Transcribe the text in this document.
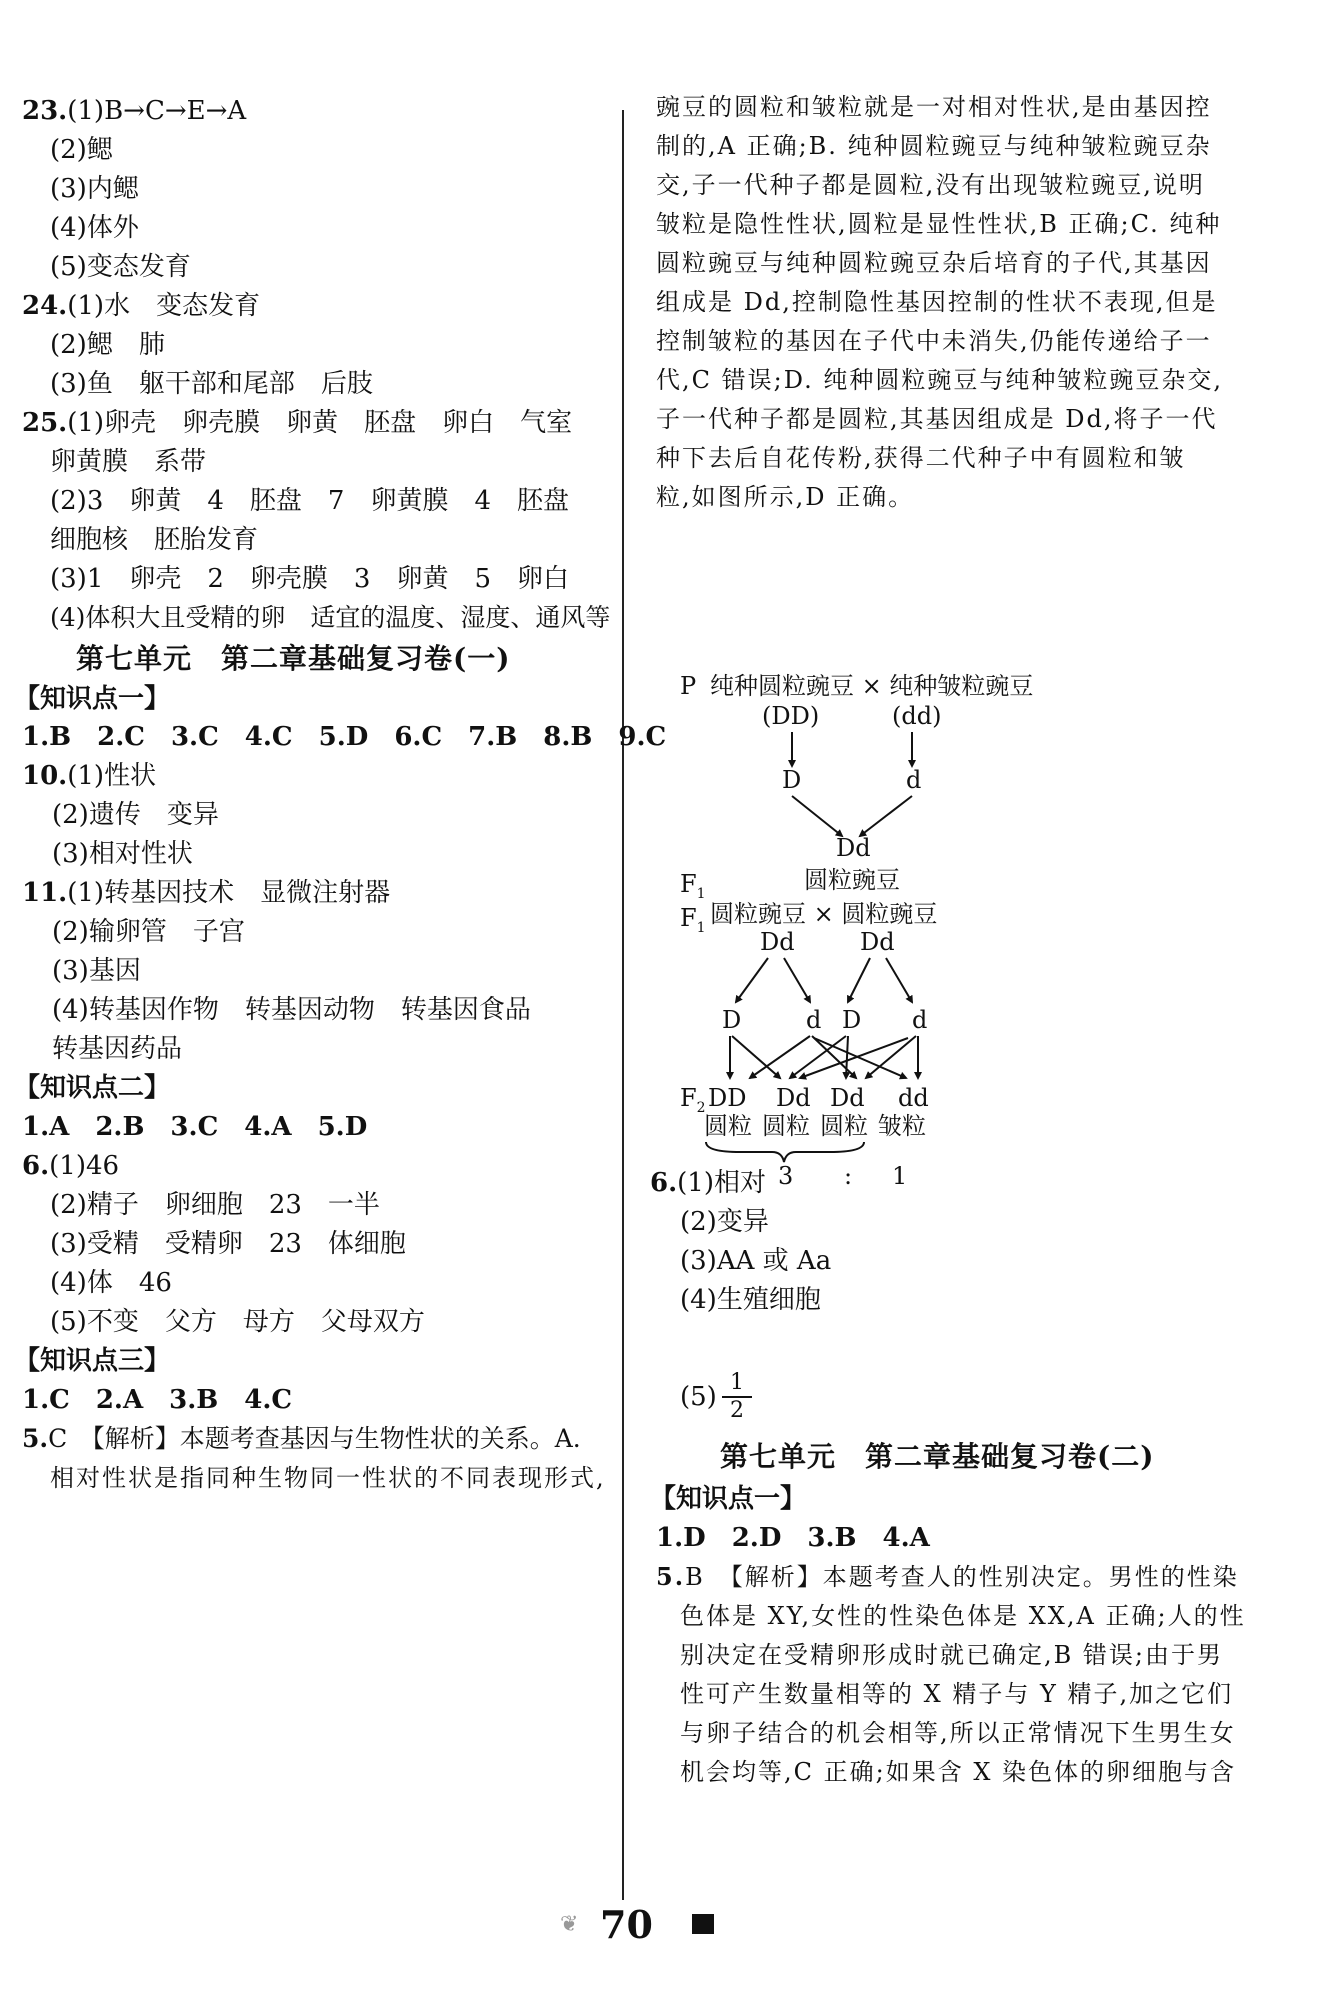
23.(1)B→C→E→A
(2)鳃
(3)内鳃
(4)体外
(5)变态发育
24.(1)水　变态发育
(2)鳃　肺
(3)鱼　躯干部和尾部　后肢
25.(1)卵壳　卵壳膜　卵黄　胚盘　卵白　气室
卵黄膜　系带
(2)3　卵黄　4　胚盘　7　卵黄膜　4　胚盘
细胞核　胚胎发育
(3)1　卵壳　2　卵壳膜　3　卵黄　5　卵白
(4)体积大且受精的卵　适宜的温度、湿度、通风等
第七单元　第二章基础复习卷(一)
【知识点一】
1.B　2.C　3.C　4.C　5.D　6.C　7.B　8.B　9.C
10.(1)性状
(2)遗传　变异
(3)相对性状
11.(1)转基因技术　显微注射器
(2)输卵管　子宫
(3)基因
(4)转基因作物　转基因动物　转基因食品
转基因药品
【知识点二】
1.A　2.B　3.C　4.A　5.D
6.(1)46
(2)精子　卵细胞　23　一半
(3)受精　受精卵　23　体细胞
(4)体　46
(5)不变　父方　母方　父母双方
【知识点三】
1.C　2.A　3.B　4.C
5.C　【解析】本题考查基因与生物性状的关系。A.
相对性状是指同种生物同一性状的不同表现形式,
豌豆的圆粒和皱粒就是一对相对性状,是由基因控
制的,A 正确;B. 纯种圆粒豌豆与纯种皱粒豌豆杂
交,子一代种子都是圆粒,没有出现皱粒豌豆,说明
皱粒是隐性性状,圆粒是显性性状,B 正确;C. 纯种
圆粒豌豆与纯种圆粒豌豆杂后培育的子代,其基因
组成是 Dd,控制隐性基因控制的性状不表现,但是
控制皱粒的基因在子代中未消失,仍能传递给子一
代,C 错误;D. 纯种圆粒豌豆与纯种皱粒豌豆杂交,
子一代种子都是圆粒,其基因组成是 Dd,将子一代
种下去后自花传粉,获得二代种子中有圆粒和皱
粒,如图所示,D 正确。
P 纯种圆粒豌豆 × 纯种皱粒豌豆
(DD)	(dd)
D	d
Dd
$F_1$	圆粒豌豆
$F_1$ 圆粒豌豆 × 圆粒豌豆
Dd	Dd
D	d D d
$F_2$ DD Dd Dd dd
圆粒 圆粒 圆粒 皱粒
3 : 1
6.(1)相对
(2)变异
(3)AA 或 Aa
(4)生殖细胞
$(5) \frac{1}{2}$
第七单元　第二章基础复习卷(二)
【知识点一】
1.D　2.D　3.B　4.A
5.B　【解析】本题考查人的性别决定。男性的性染
色体是 XY,女性的性染色体是 XX,A 正确;人的性
别决定在受精卵形成时就已确定,B 错误;由于男
性可产生数量相等的 X 精子与 Y 精子,加之它们
与卵子结合的机会相等,所以正常情况下生男生女
机会均等,C 正确;如果含 X 染色体的卵细胞与含
❦ 70
